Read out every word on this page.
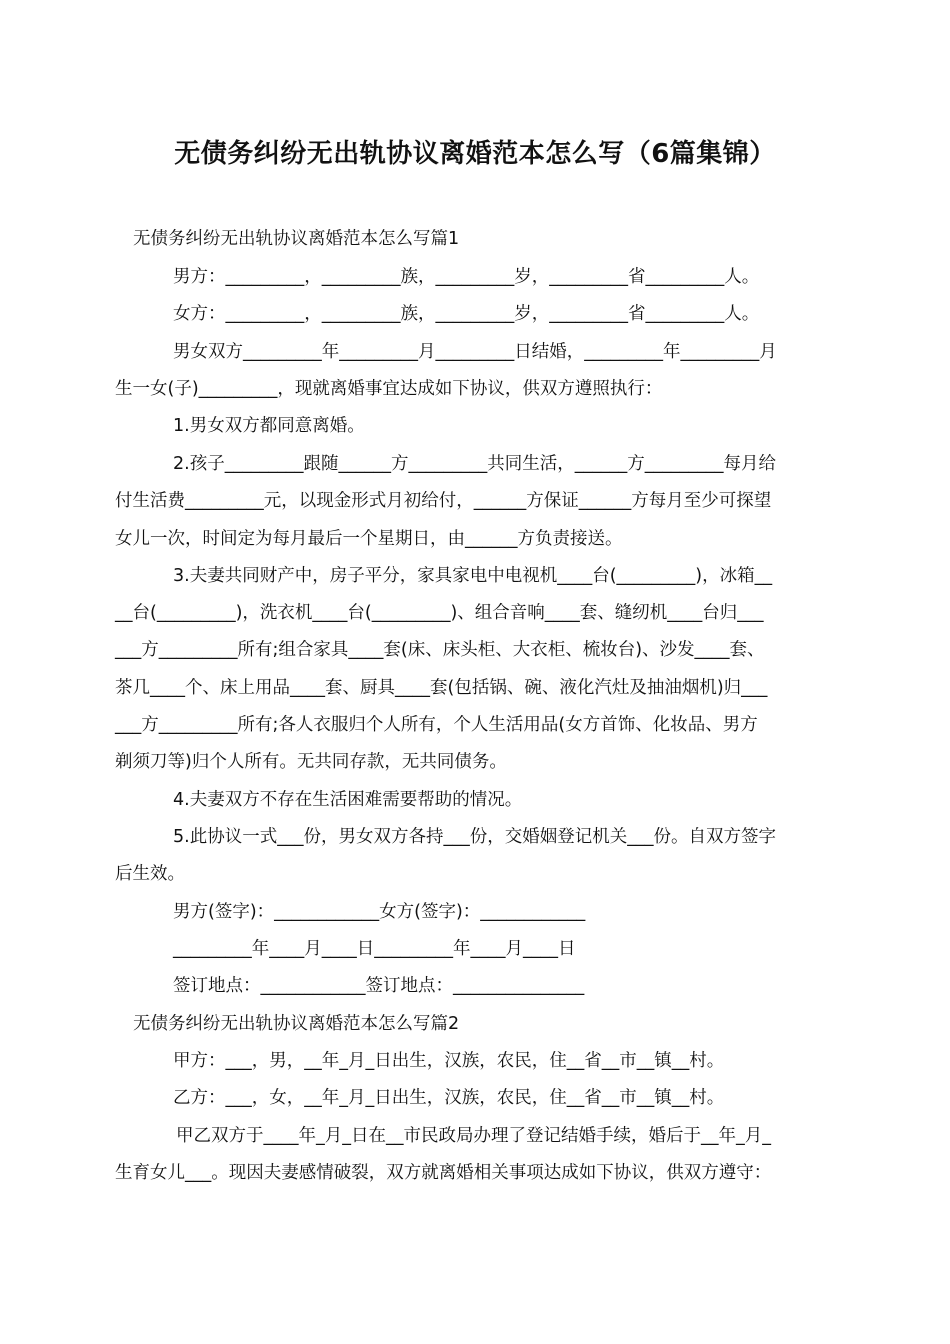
无债务纠纷无出轨协议离婚范本怎么写（6篇集锦）
无债务纠纷无出轨协议离婚范本怎么写篇1
男方：_________，_________族，_________岁，_________省_________人。
女方：_________，_________族，_________岁，_________省_________人。
男女双方_________年_________月_________日结婚，_________年_________月
生一女(子)_________，现就离婚事宜达成如下协议，供双方遵照执行：
1.男女双方都同意离婚。
2.孩子_________跟随______方_________共同生活，______方_________每月给
付生活费_________元，以现金形式月初给付，______方保证______方每月至少可探望
女儿一次，时间定为每月最后一个星期日，由______方负责接送。
3.夫妻共同财产中，房子平分，家具家电中电视机____台(_________)，冰箱__
__台(_________)，洗衣机____台(_________)、组合音响____套、缝纫机____台归___
___方_________所有;组合家具____套(床、床头柜、大衣柜、梳妆台)、沙发____套、
茶几____个、床上用品____套、厨具____套(包括锅、碗、液化汽灶及抽油烟机)归___
___方_________所有;各人衣服归个人所有，个人生活用品(女方首饰、化妆品、男方
剃须刀等)归个人所有。无共同存款，无共同债务。
4.夫妻双方不存在生活困难需要帮助的情况。
5.此协议一式___份，男女双方各持___份，交婚姻登记机关___份。自双方签字
后生效。
男方(签字)：____________女方(签字)：____________
_________年____月____日_________年____月____日
签订地点：____________签订地点：_______________
无债务纠纷无出轨协议离婚范本怎么写篇2
甲方：___，男，__年_月_日出生，汉族，农民，住__省__市__镇__村。
乙方：___，女，__年_月_日出生，汉族，农民，住__省__市__镇__村。
甲乙双方于____年_月_日在__市民政局办理了登记结婚手续，婚后于__年_月_
生育女儿___。现因夫妻感情破裂，双方就离婚相关事项达成如下协议，供双方遵守：
